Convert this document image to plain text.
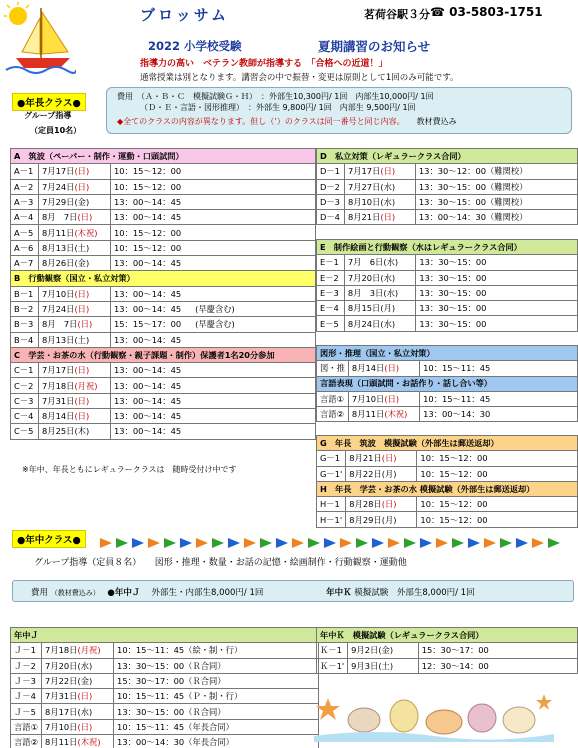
ブロッサム	茗荷谷駅３分 ☎ 03-5803-1751
2022 小学校受験	夏期講習のお知らせ
指導力の高い　ベテラン教師が指導する　「合格への近道！」
通常授業は別となります。講習会の中で振替・変更は原則として1回のみ可能です。
●年長クラス●
グループ指導
（定員10名）
費用　 （Ａ・Ｂ・Ｃ　模擬試験Ｇ・Ｈ）　 ：外部生10,300円/ 1回　内部生10,000円/ 1回
（Ｄ・Ｅ・言語・図形推理）　 ：外部生 9,800円/ 1回　内部生 9,500円/ 1回
◆全てのクラスの内容が異なります。但し（’）のクラスは同一番号と同じ内容。　　 教材費込み
A　筑波（ペーパー・制作・運動・口頭試問）		
A－1	7月17日(日)	10：15～12：00
A－2	7月24日(日)	10：15～12：00
A－3	7月29日(金)	13：00～14：45
A－4	8月　7日(日)	13：00～14：45
A－5	8月11日(木祝)	10：15～12：00
A－6	8月13日(土)	10：15～12：00
A－7	8月26日(金)	13：00～14：45
B　行動観察（国立・私立対策）		
B－1	7月10日(日)	13：00～14：45
B－2	7月24日(日)	13：00～14：45 (早慶含む)
B－3	8月　7日(日)	15：15～17：00 (早慶含む)
B－4	8月13日(土)	13：00～14：45
C　学芸・お茶の水（行動観察・親子課題・制作）保護者1名20分参加		
C－1	7月17日(日)	13：00～14：45
C－2	7月18日(月祝)	13：00～14：45
C－3	7月31日(日)	13：00～14：45
C－4	8月14日(日)	13：00～14：45
C－5	8月25日(木)	13：00～14：45
※年中、年長ともにレギュラークラスは　随時受付け中です
D　私立対策（レギュラークラス合同）		
D－1	7月17日(日)	13：30～12：00（難関校）
D－2	7月27日(水)	13：30～15：00（難関校）
D－3	8月10日(水)	13：30～15：00（難関校）
D－4	8月21日(日)	13：00～14：30（難関校）
E　制作絵画と行動観察（水はレギュラークラス合同）		
E－1	7月　6日(水)	13：30～15：00
E－2	7月20日(水)	13：30～15：00
E－3	8月　3日(水)	13：30～15：00
E－4	8月15日(月)	13：30～15：00
E－5	8月24日(水)	13：30～15：00
図形・推理（国立・私立対策）		
図・推	8月14日(日)	10：15～11：45
言語表現（口頭試問・お話作り・話し合い等）		
言語①	7月10日(日)	10：15～11：45
言語②	8月11日(木祝)	13：00～14：30
G　年長　筑波　模擬試験（外部生は郵送返却）		
G－1	8月21日(日)	10：15～12：00
G－1'	8月22日(月)	10：15～12：00
H　年長　学芸・お茶の水 模擬試験（外部生は郵送返却）		
H－1	8月28日(日)	10：15～12：00
H－1'	8月29日(月)	10：15～12：00
●年中クラス●
グループ指導（定員８名）　　図形・推理・数量・お話の記憶・絵画制作・行動観察・運動他
費用 （教材費込み）　 ●年中Ｊ　 外部生・内部生8,000円/ 1回	年中Ｋ 模擬試験　 外部生8,000円/ 1回
年中Ｊ		
Ｊ－1	7月18日(月祝)	10：15～11：45（絵・制・行）
Ｊ－2	7月20日(水)	13：30～15：00（Ｒ合同）
Ｊ－3	7月22日(金)	15：30～17：00（Ｒ合同）
Ｊ－4	7月31日(日)	10：15～11：45（Ｐ・制・行）
Ｊ－5	8月17日(水)	13：30～15：00（Ｒ合同）
言語①	7月10日(日)	10：15～11：45（年長合同）
言語②	8月11日(木祝)	13：00～14：30（年長合同）
年中Ｋ　模擬試験（レギュラークラス合同）		
Ｋ－1	9月2日(金)	15：30～17：00
Ｋ－1'	9月3日(土)	12：30～14：00
